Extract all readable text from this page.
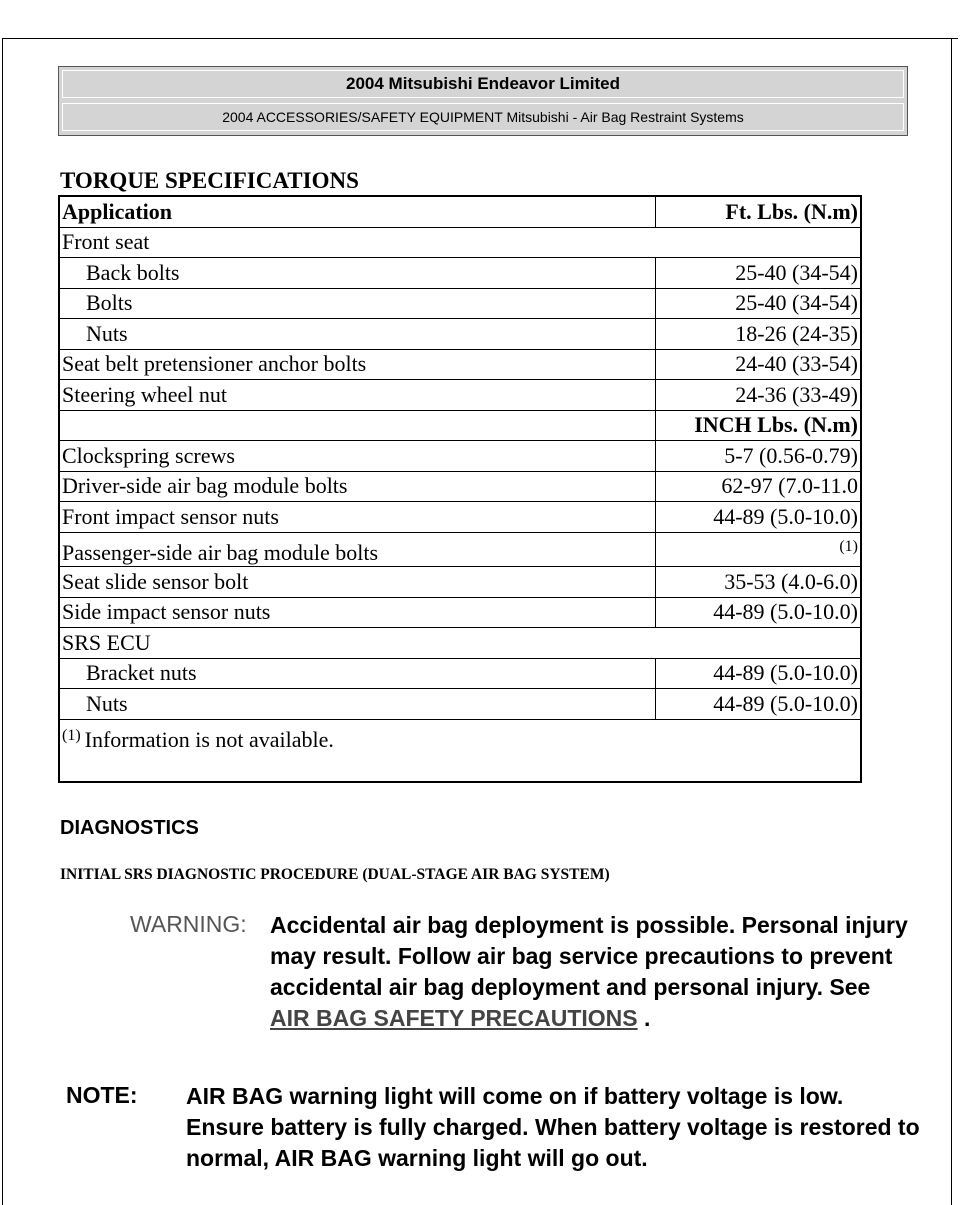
2004 Mitsubishi Endeavor Limited
2004 ACCESSORIES/SAFETY EQUIPMENT Mitsubishi - Air Bag Restraint Systems
TORQUE SPECIFICATIONS
Application	Ft. Lbs. (N.m)
Front seat	
Back bolts	25-40 (34-54)
Bolts	25-40 (34-54)
Nuts	18-26 (24-35)
Seat belt pretensioner anchor bolts	24-40 (33-54)
Steering wheel nut	24-36 (33-49)
	INCH Lbs. (N.m)
Clockspring screws	5-7 (0.56-0.79)
Driver-side air bag module bolts	62-97 (7.0-11.0
Front impact sensor nuts	44-89 (5.0-10.0)
Passenger-side air bag module bolts	(1)
Seat slide sensor bolt	35-53 (4.0-6.0)
Side impact sensor nuts	44-89 (5.0-10.0)
SRS ECU	
Bracket nuts	44-89 (5.0-10.0)
Nuts	44-89 (5.0-10.0)
$^{(1)}$ Information is not available.	
DIAGNOSTICS
INITIAL SRS DIAGNOSTIC PROCEDURE (DUAL-STAGE AIR BAG SYSTEM)
WARNING: Accidental air bag deployment is possible. Personal injury may result. Follow air bag service precautions to prevent accidental air bag deployment and personal injury. See AIR BAG SAFETY PRECAUTIONS .
NOTE: AIR BAG warning light will come on if battery voltage is low. Ensure battery is fully charged. When battery voltage is restored to normal, AIR BAG warning light will go out.
